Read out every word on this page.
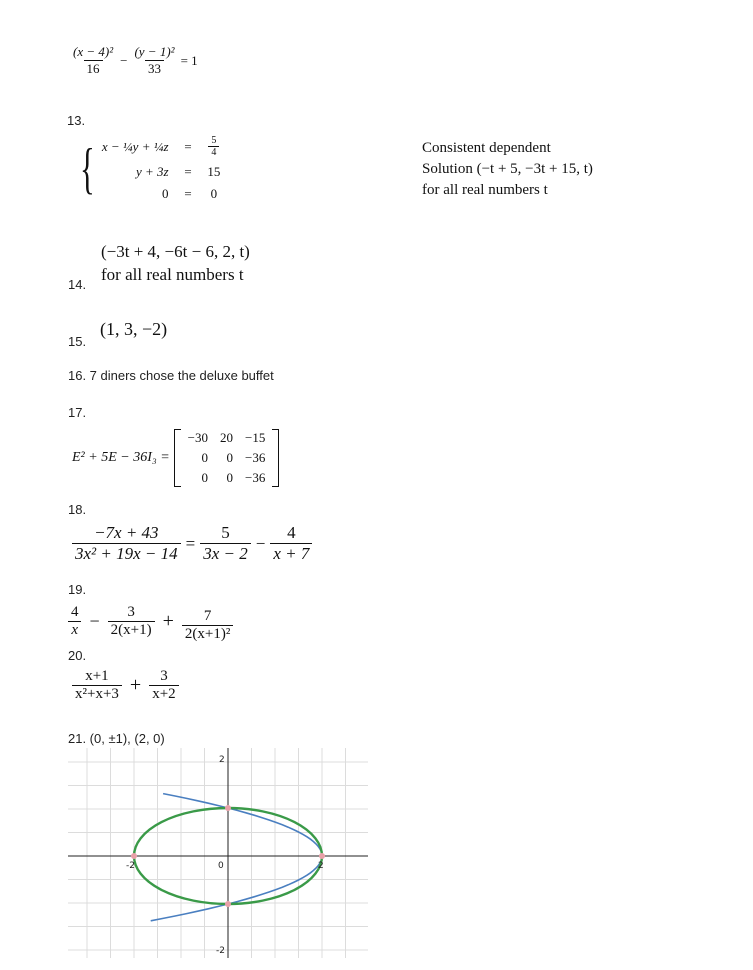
$\frac{\text{(x − 4)²}}{16} - \frac{\text{(y − 1)²}}{33} = 1$
13.
{ x − ¼y + ¼z	=	$\frac{5}{4}$

y + 3z	=	15
0	=	0
Consistent dependent
Solution (−t + 5, −3t + 15, t)
for all real numbers t
(−3t + 4, −6t − 6, 2, t)
for all real numbers t
14.
(1, 3, −2)
15.
16. 7 diners chose the deluxe buffet
17.
E² + 5E − 36I₃ =
−30	20	−15
0	0	−36
0	0	−36
18.
$\frac{-7x + 43}{\text{3x² + 19x − 14}} = \frac{5}{3x - 2} - \frac{4}{x + 7}$
19.
$\frac{4}{x} - \frac{3}{2(x+1)} + \frac{7}{\text{2(x+1)²}}$
20.
$\frac{x+1}{\text{x²+x+3}} + \frac{3}{x+2}$
21. (0, ±1), (2, 0)
-2	0	2
2
-2
